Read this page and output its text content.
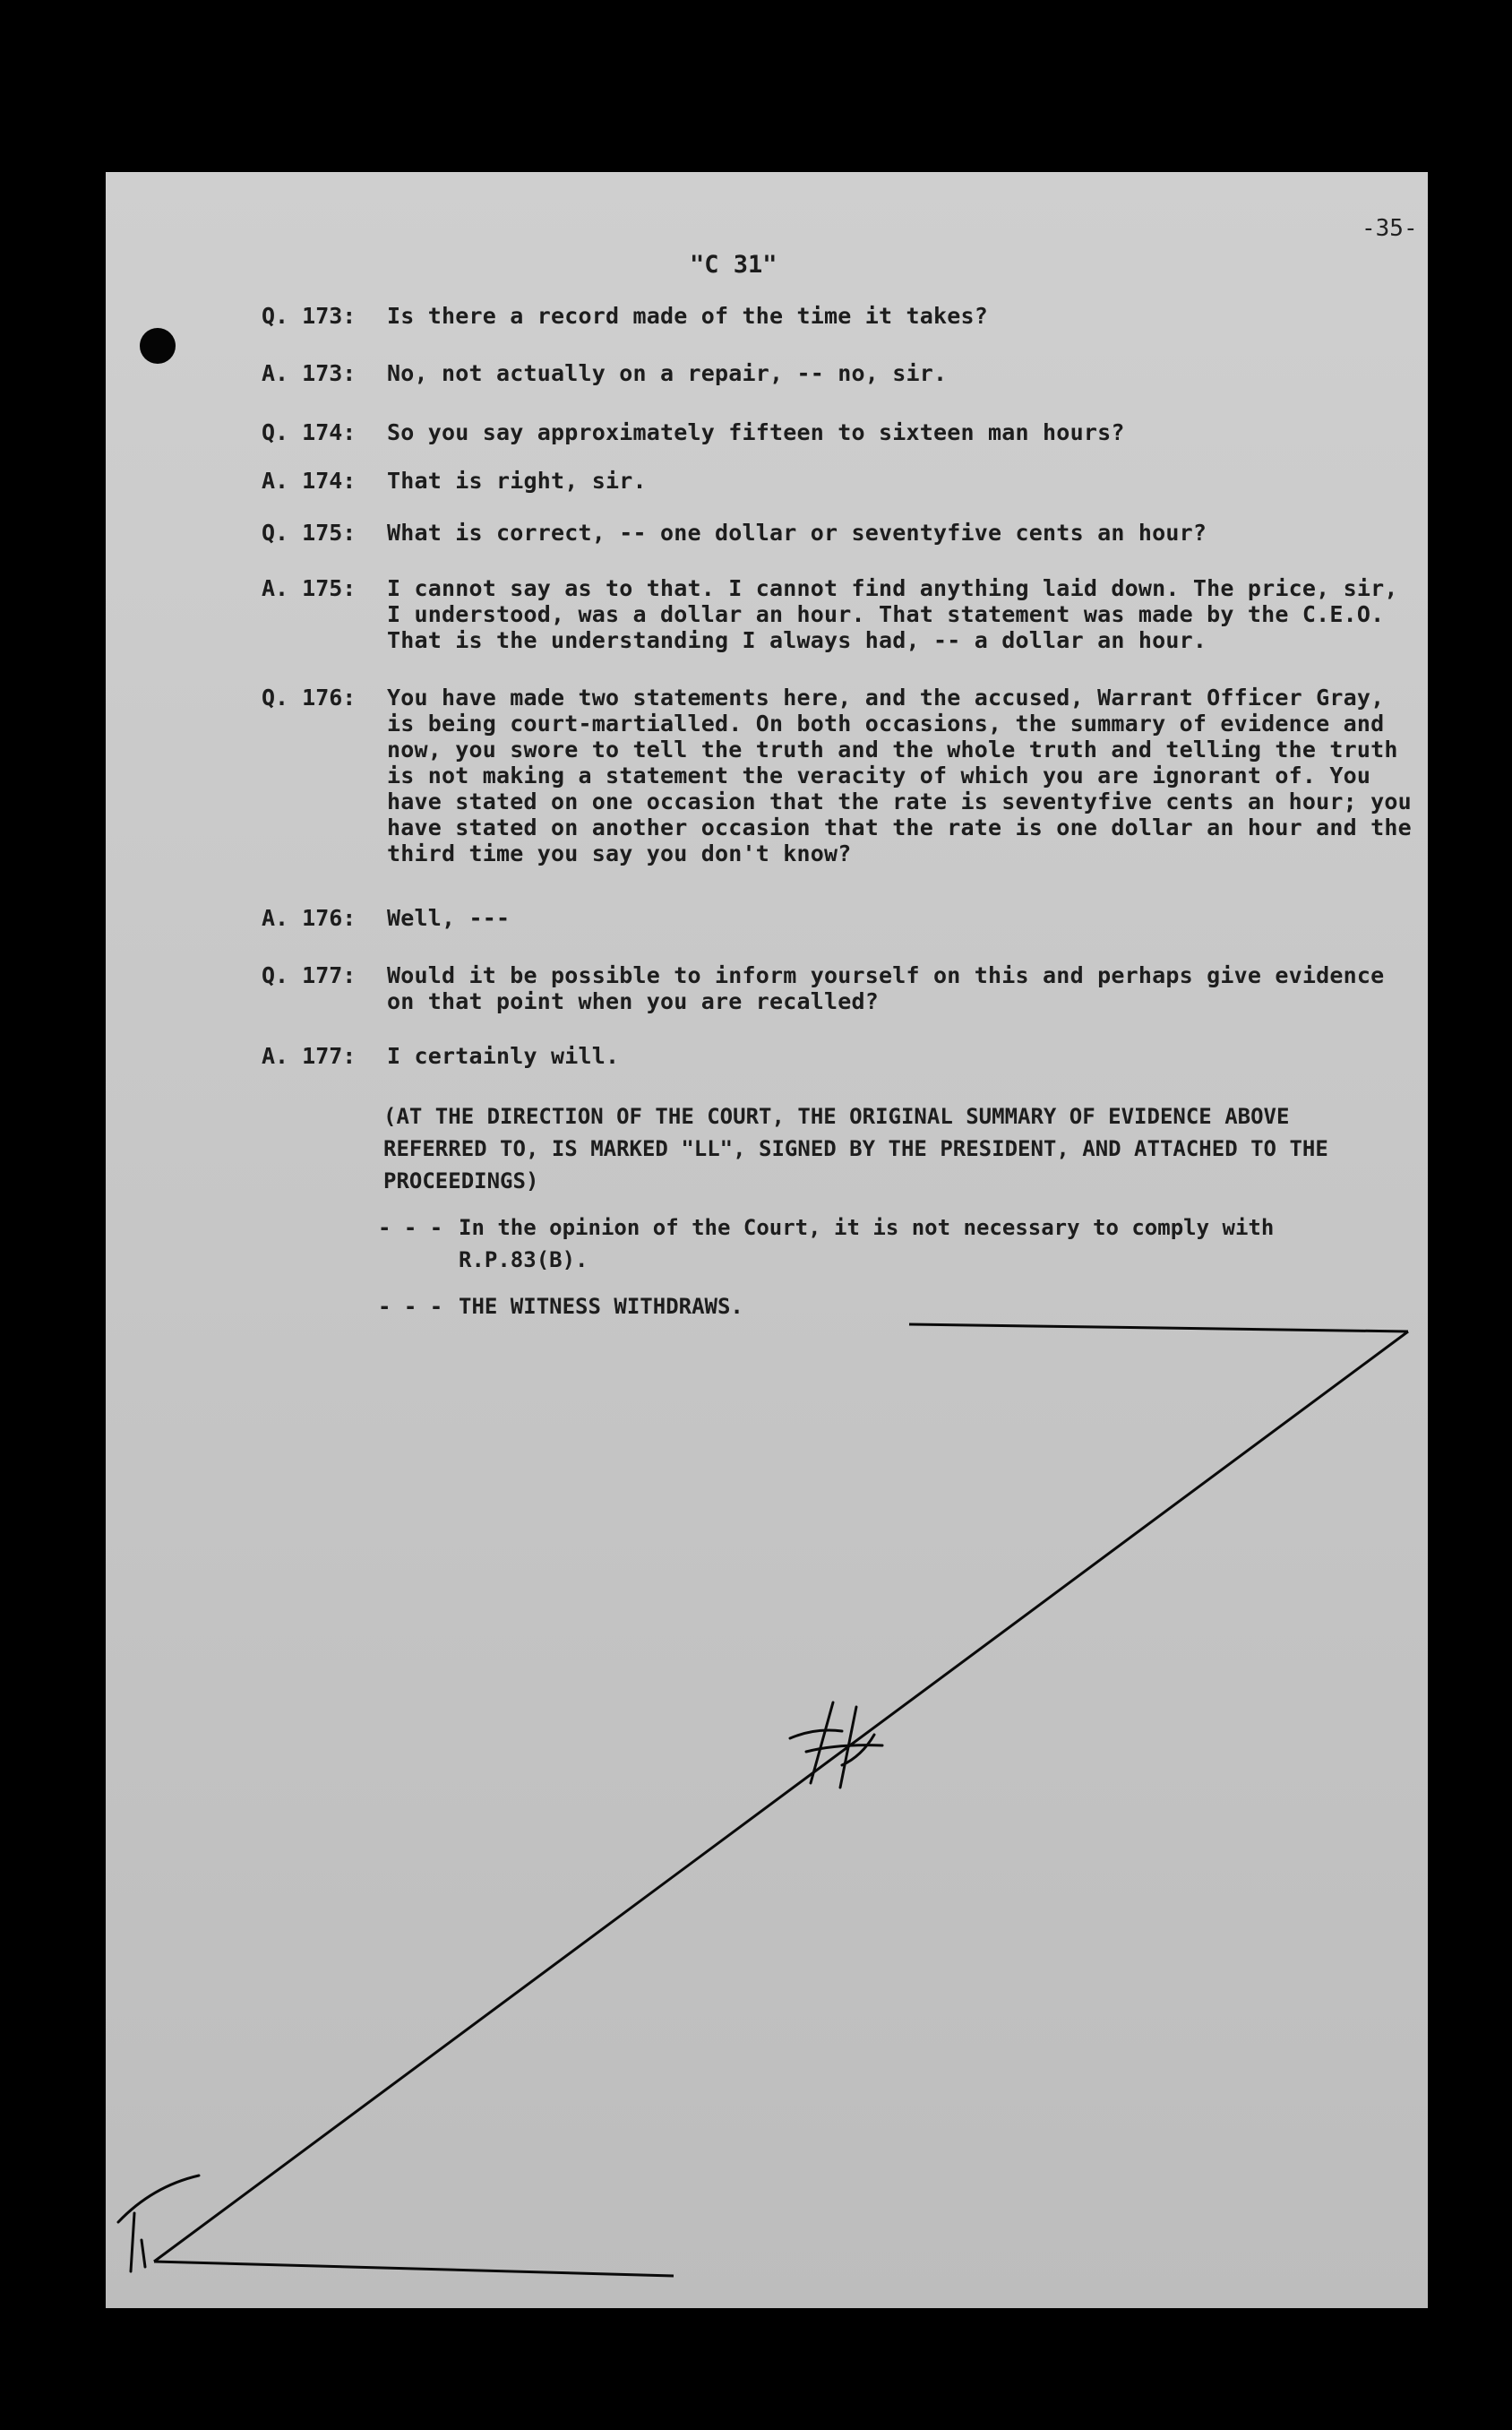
-35-
"C 31"
Q. 173:	Is there a record made of the time it takes?
A. 173:	No, not actually on a repair, -- no, sir.
Q. 174:	So you say approximately fifteen to sixteen man hours?
A. 174:	That is right, sir.
Q. 175:	What is correct, -- one dollar or seventyfive cents an hour?
A. 175:	I cannot say as to that. I cannot find anything laid down. The price, sir, I understood, was a dollar an hour. That statement was made by the C.E.O. That is the understanding I always had, -- a dollar an hour.
Q. 176:	You have made two statements here, and the accused, Warrant Officer Gray, is being court-martialled. On both occasions, the summary of evidence and now, you swore to tell the truth and the whole truth and telling the truth is not making a statement the veracity of which you are ignorant of. You have stated on one occasion that the rate is seventyfive cents an hour; you have stated on another occasion that the rate is one dollar an hour and the third time you say you don't know?
A. 176:	Well, ---
Q. 177:	Would it be possible to inform yourself on this and perhaps give evidence on that point when you are recalled?
A. 177:	I certainly will.
(AT THE DIRECTION OF THE COURT, THE ORIGINAL SUMMARY OF EVIDENCE ABOVE REFERRED TO, IS MARKED "LL", SIGNED BY THE PRESIDENT, AND ATTACHED TO THE PROCEEDINGS)
- - - In the opinion of the Court, it is not necessary to comply with R.P.83(B).
- - - THE WITNESS WITHDRAWS.
